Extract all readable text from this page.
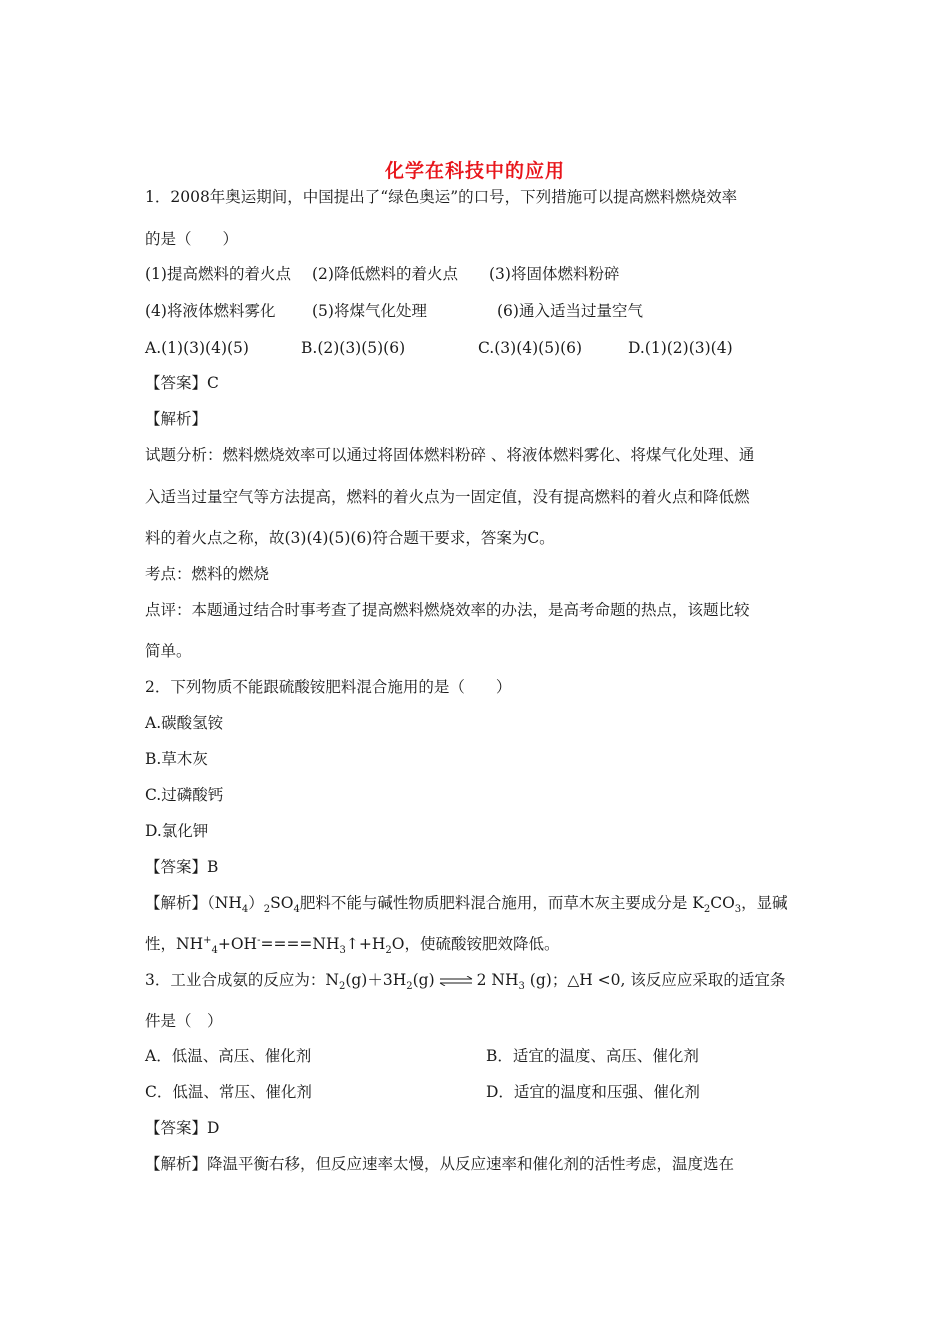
化学在科技中的应用
1．2008年奥运期间，中国提出了“绿色奥运”的口号，下列措施可以提高燃料燃烧效率
的是（　　）
(1)提高燃料的着火点 (2)降低燃料的着火点 (3)将固体燃料粉碎
(4)将液体燃料雾化 (5)将煤气化处理	(6)通入适当过量空气
A.(1)(3)(4)(5)	B.(2)(3)(5)(6)	C.(3)(4)(5)(6)	D.(1)(2)(3)(4)
【答案】C
【解析】
试题分析：燃料燃烧效率可以通过将固体燃料粉碎 、将液体燃料雾化、将煤气化处理、通
入适当过量空气等方法提高，燃料的着火点为一固定值，没有提高燃料的着火点和降低燃
料的着火点之称，故(3)(4)(5)(6)符合题干要求，答案为C。
考点：燃料的燃烧
点评：本题通过结合时事考查了提高燃料燃烧效率的办法，是高考命题的热点，该题比较
简单。
2．下列物质不能跟硫酸铵肥料混合施用的是（　　）
A.碳酸氢铵
B.草木灰
C.过磷酸钙
D.氯化钾
【答案】B
【解析】$(NH_4)_2SO_4$肥料不能与碱性物质肥料混合施用，而草木灰主要成分是 $K_2CO_3$，显碱
性，$NH^+_4+OH^-====NH_3↑+H_2O$，使硫酸铵肥效降低。
3．工业合成氨的反应为：$N_2(g)+3H_2(g)$ ⇌ 2 $NH_3$ (g)；△H <0, 该反应应采取的适宜条
件是（　）
A．低温、高压、催化剂	B．适宜的温度、高压、催化剂
C．低温、常压、催化剂	D．适宜的温度和压强、催化剂
【答案】D
【解析】降温平衡右移，但反应速率太慢，从反应速率和催化剂的活性考虑，温度选在
